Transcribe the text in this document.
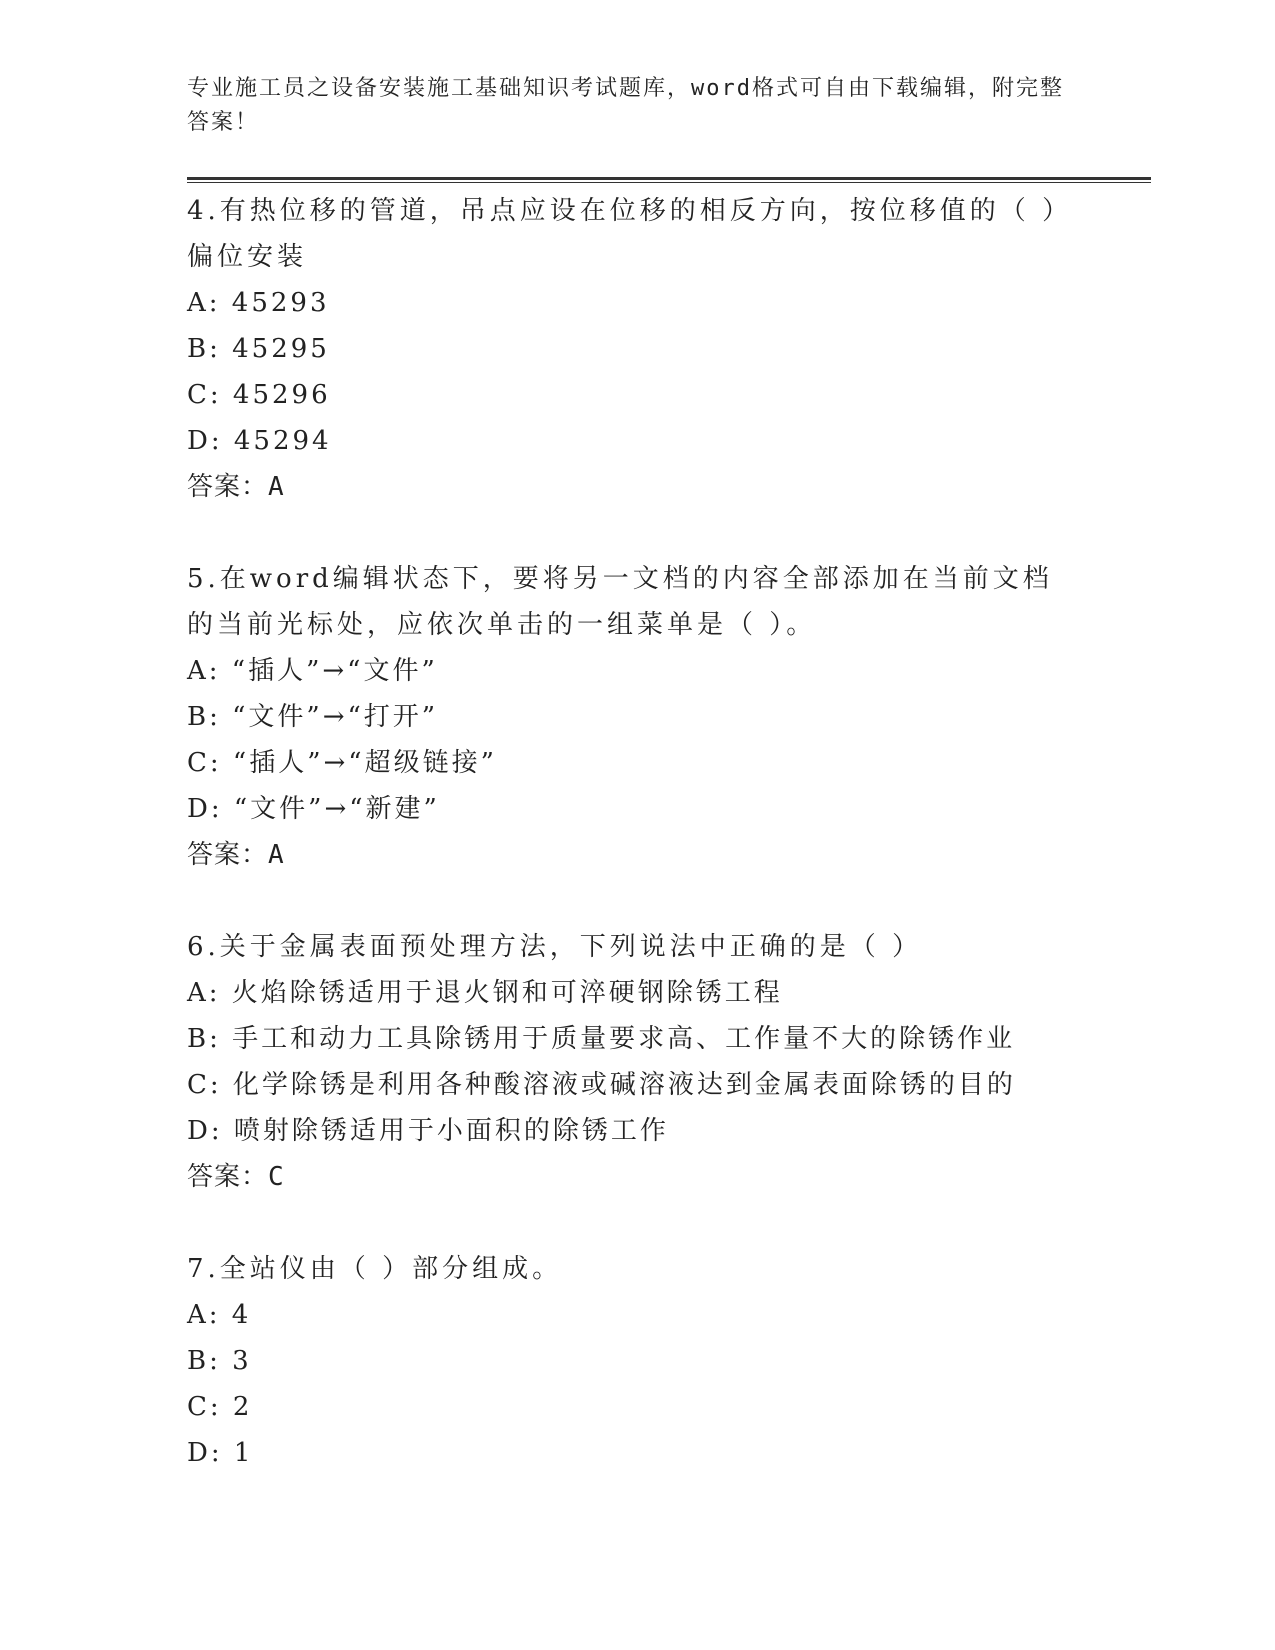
专业施工员之设备安装施工基础知识考试题库，word格式可自由下载编辑，附完整答案！
4.有热位移的管道，吊点应设在位移的相反方向，按位移值的（ ）偏位安装
A: 45293
B: 45295
C: 45296
D: 45294
答案：A
5.在word编辑状态下，要将另一文档的内容全部添加在当前文档的当前光标处，应依次单击的一组菜单是（ ）。
A: “插人”→“文件”
B: “文件”→“打开”
C: “插人”→“超级链接”
D: “文件”→“新建”
答案：A
6.关于金属表面预处理方法，下列说法中正确的是（ ）
A: 火焰除锈适用于退火钢和可淬硬钢除锈工程
B: 手工和动力工具除锈用于质量要求高、工作量不大的除锈作业
C: 化学除锈是利用各种酸溶液或碱溶液达到金属表面除锈的目的
D: 喷射除锈适用于小面积的除锈工作
答案：C
7.全站仪由（ ）部分组成。
A: 4
B: 3
C: 2
D: 1
